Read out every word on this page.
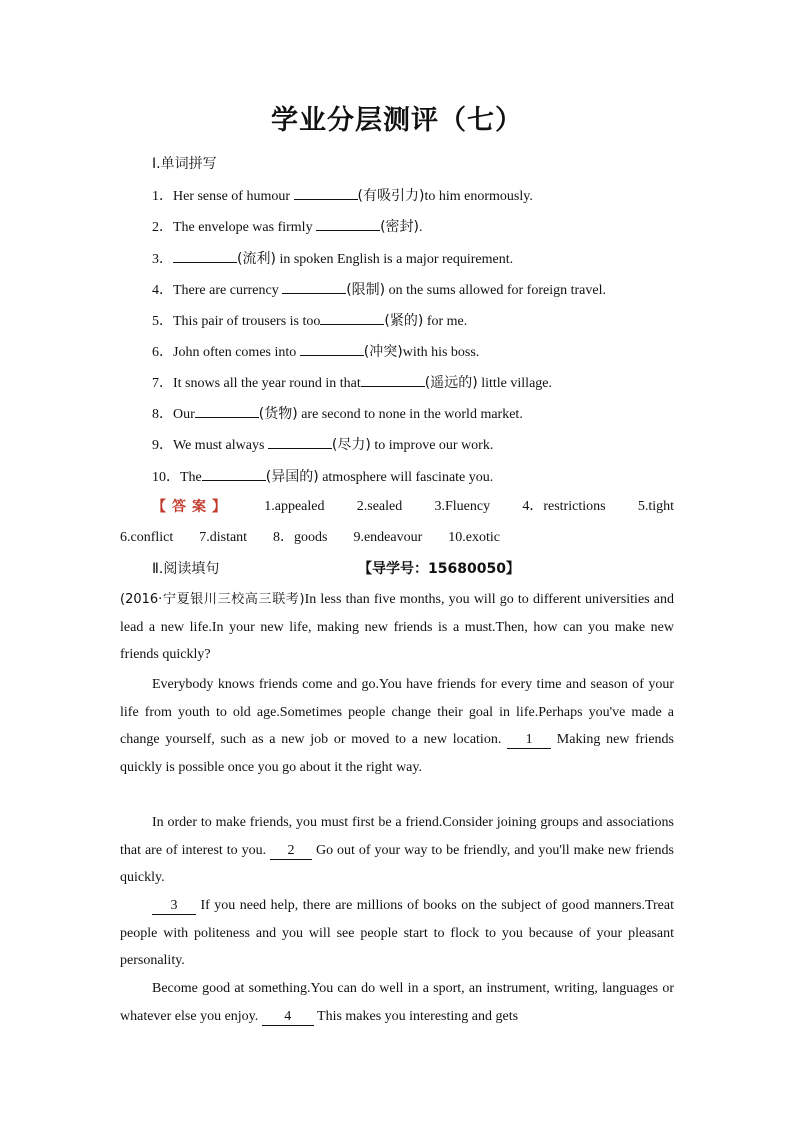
学业分层测评（七）
Ⅰ.单词拼写
1．Her sense of humour	(有吸引力)to him enormously.
2．The envelope was firmly	(密封).
3．	(流利) in spoken English is a major requirement.
4．There are currency	(限制) on the sums allowed for foreign travel.
5．This pair of trousers is too	(紧的) for me.
6．John often comes into	(冲突)with his boss.
7．It snows all the year round in that	(遥远的) little village.
8．Our	(货物) are second to none in the world market.
9．We must always	(尽力) to improve our work.
10．The	(异国的) atmosphere will fascinate you.
【答案】 1.appealed 2.sealed 3.Fluency 4．restrictions 5.tight
6.conflict 7.distant 8．goods 9.endeavour 10.exotic
Ⅱ.阅读填句	【导学号：15680050】
(2016·宁夏银川三校高三联考)In less than five months, you will go to different universities and lead a new life.In your new life, making new friends is a must.Then, how can you make new friends quickly?
Everybody knows friends come and go.You have friends for every time and season of your life from youth to old age.Sometimes people change their goal in life.Perhaps you've made a change yourself, such as a new job or moved to a new location. 1 Making new friends quickly is possible once you go about it the right way.
In order to make friends, you must first be a friend.Consider joining groups and associations that are of interest to you. 2 Go out of your way to be friendly, and you'll make new friends quickly.
3 If you need help, there are millions of books on the subject of good manners.Treat people with politeness and you will see people start to flock to you because of your pleasant personality.
Become good at something.You can do well in a sport, an instrument, writing, languages or whatever else you enjoy. 4 This makes you interesting and gets
